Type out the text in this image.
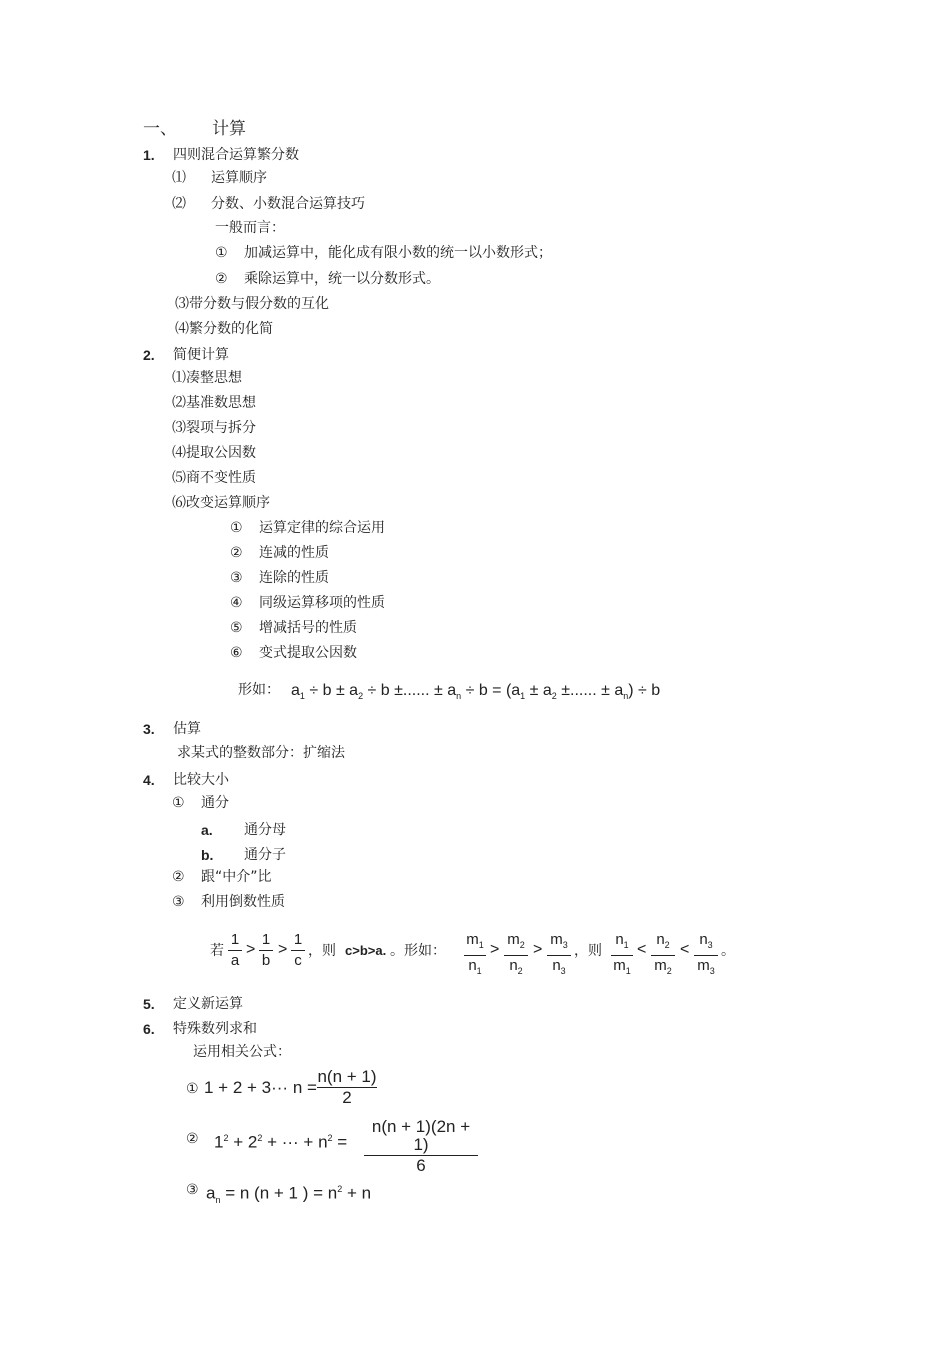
一、 计算
1. 四则混合运算繁分数
⑴ 运算顺序
⑵ 分数、小数混合运算技巧
一般而言：
① 加减运算中，能化成有限小数的统一以小数形式；
② 乘除运算中，统一以分数形式。
⑶带分数与假分数的互化
⑷繁分数的化简
2. 简便计算
⑴凑整思想
⑵基准数思想
⑶裂项与拆分
⑷提取公因数
⑸商不变性质
⑹改变运算顺序
① 运算定律的综合运用
② 连减的性质
③ 连除的性质
④ 同级运算移项的性质
⑤ 增减括号的性质
⑥ 变式提取公因数
形如： $a_1 \div b \pm a_2 \div b$ ±...... ± $a_n \div b = (a_1 \pm a_2$ ±...... ± $a_n) \div b$
3. 估算
求某式的整数部分：扩缩法
4. 比较大小
① 通分
a. 通分母
b. 通分子
② 跟“中介”比
③ 利用倒数性质
若
1
a
>
1
b
>
1
c
，则 c>b>a. 。形如：
$m_1$
$n_1$
>
$m_2$
$n_2$
>
$m_3$
$n_3$
，则
$n_1$
$m_1$
<
$n_2$
$m_2$
<
$n_3$
$m_3$
。
5. 定义新运算
6. 特殊数列求和
运用相关公式：
① 1 + 2 + 3··· n =
n(n + 1)
2
② $1^2 + 2^2$ + ··· + $n^2$ =
n(n + 1)(2n + 1)
6
③ $a_n = n$ (n + 1 ) = $n^2 + n$
